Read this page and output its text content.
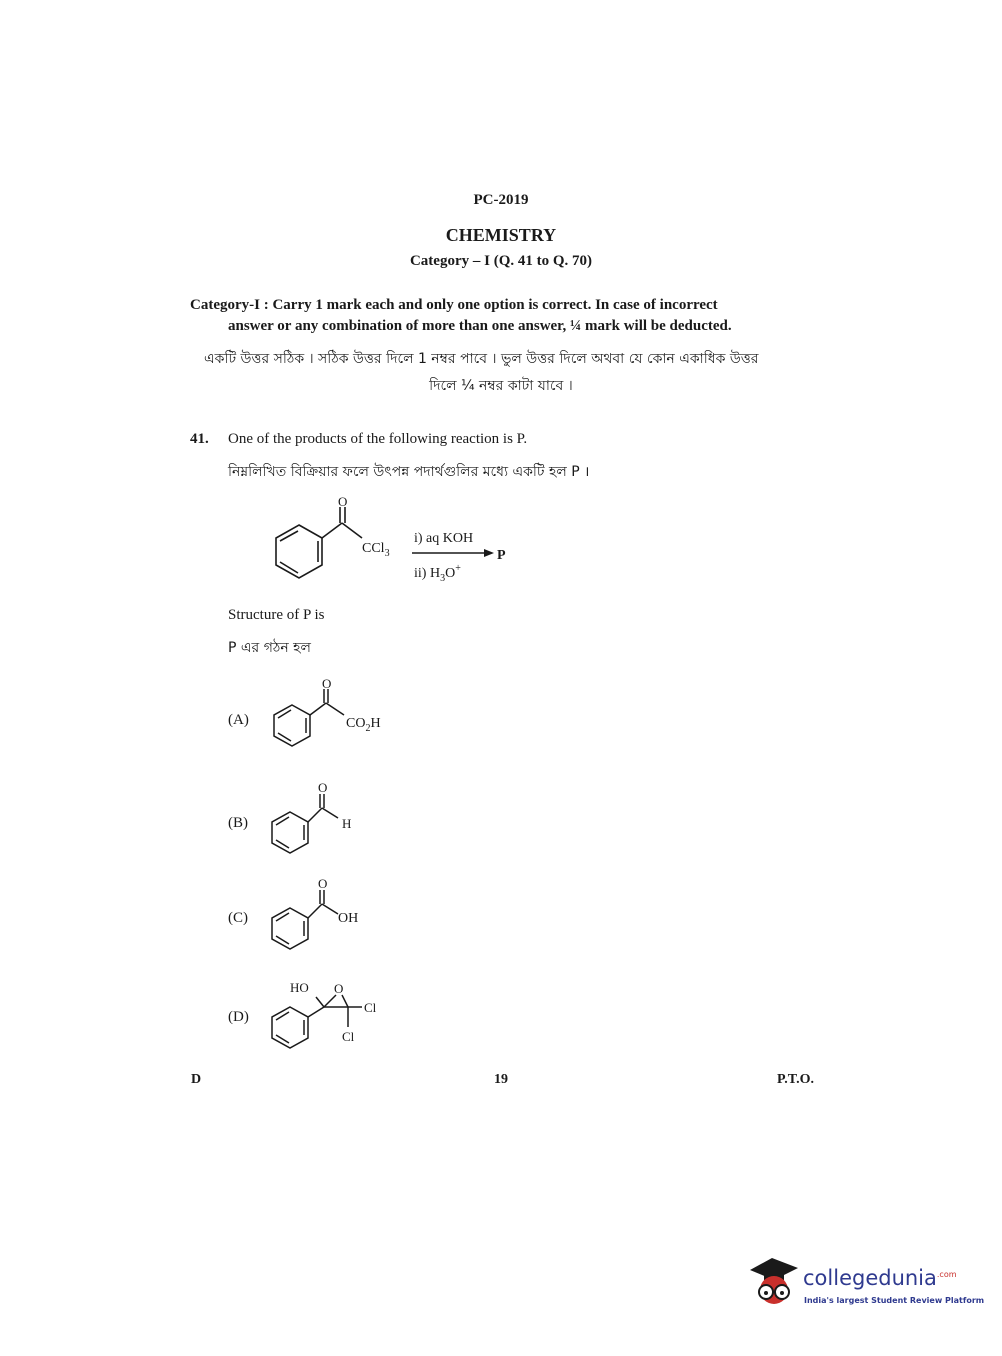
PC-2019
CHEMISTRY
Category – I (Q. 41 to Q. 70)
Category-I : Carry 1 mark each and only one option is correct. In case of incorrect
answer or any combination of more than one answer, ¼ mark will be deducted.
একটি উত্তর সঠিক । সঠিক উত্তর দিলে 1 নম্বর পাবে । ভুল উত্তর দিলে অথবা যে কোন একাধিক উত্তর
দিলে ¼ নম্বর কাটা যাবে ।
41. One of the products of the following reaction is P.
নিম্নলিখিত বিক্রিয়ার ফলে উৎপন্ন পদার্থগুলির মধ্যে একটি হল P ।
O
CCl$_3$
i) aq KOH
ii) $H_3O^+$
P
Structure of P is
P এর গঠন হল
(A)
O
$CO_2H$
(B)
O
H
(C)
O
OH
(D)
HO O
Cl
Cl
D	19	P.T.O.
collegedunia$^{.com}$
India's largest Student Review Platform
